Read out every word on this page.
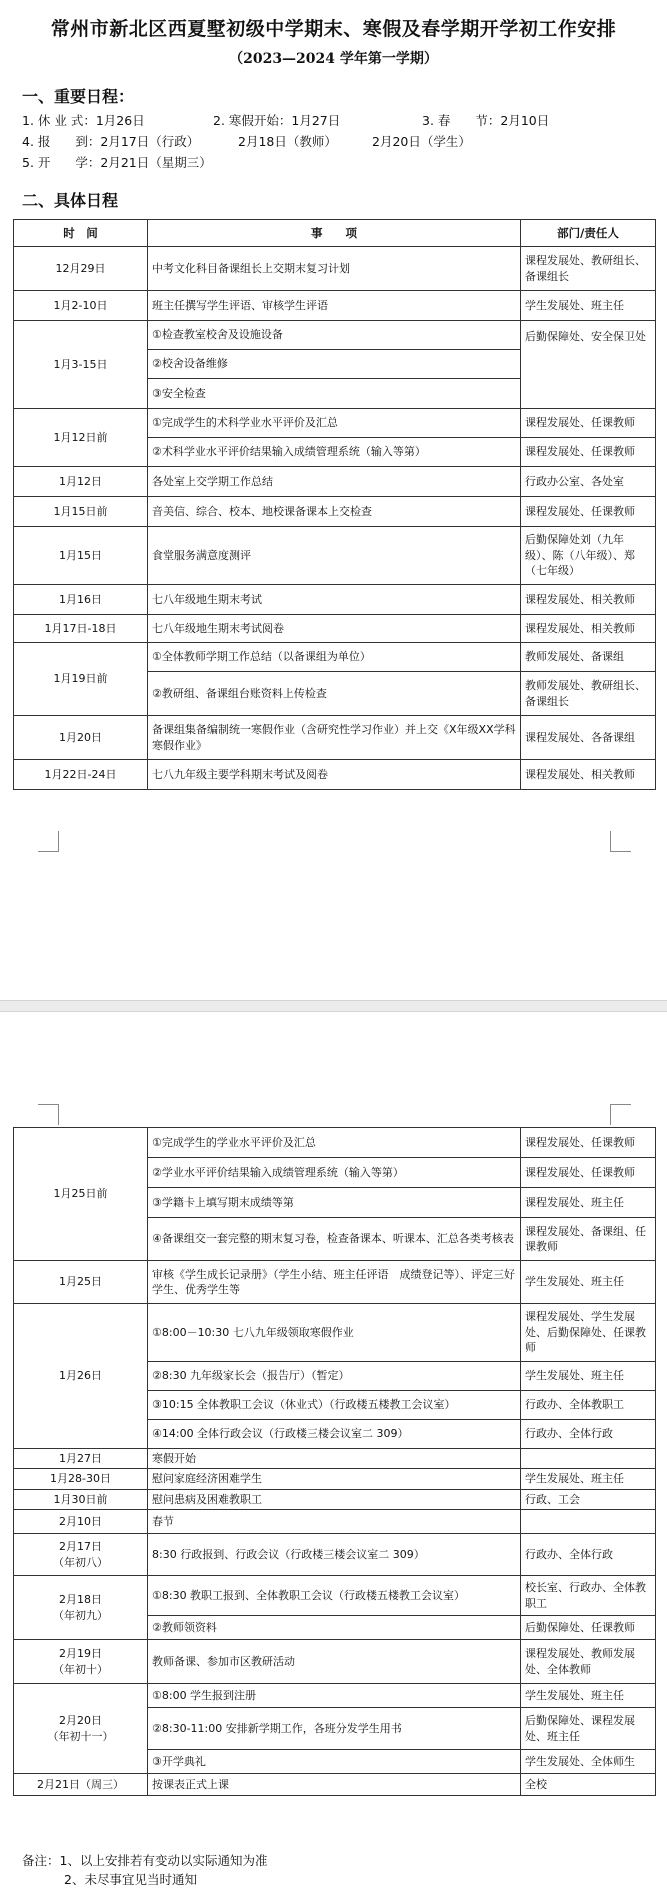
常州市新北区西夏墅初级中学期末、寒假及春学期开学初工作安排
（2023—2024 学年第一学期）
一、重要日程：
1. 休 业 式：1月26日	2. 寒假开始：1月27日	3. 春　　节：2月10日
4. 报　　到：2月17日（行政）	2月18日（教师）	2月20日（学生）
5. 开　　学：2月21日（星期三）
二、具体日程
时　间	事　　项	部门/责任人
12月29日	中考文化科目备课组长上交期末复习计划	课程发展处、教研组长、备课组长
1月2-10日	班主任撰写学生评语、审核学生评语	学生发展处、班主任
1月3-15日	①检查教室校舍及设施设备	后勤保障处、安全保卫处
	②校舍设备维修	
	③安全检查	
1月12日前	①完成学生的术科学业水平评价及汇总	课程发展处、任课教师
	②术科学业水平评价结果输入成绩管理系统（输入等第）	课程发展处、任课教师
1月12日	各处室上交学期工作总结	行政办公室、各处室
1月15日前	音美信、综合、校本、地校课备课本上交检查	课程发展处、任课教师
1月15日	食堂服务满意度测评	后勤保障处刘（九年级）、陈（八年级）、郑（七年级）
1月16日	七八年级地生期末考试	课程发展处、相关教师
1月17日-18日	七八年级地生期末考试阅卷	课程发展处、相关教师
1月19日前	①全体教师学期工作总结（以备课组为单位）	教师发展处、备课组
	②教研组、备课组台账资料上传检查	教师发展处、教研组长、备课组长
1月20日	备课组集备编制统一寒假作业（含研究性学习作业）并上交《X年级XX学科寒假作业》	课程发展处、各备课组
1月22日-24日	七八九年级主要学科期末考试及阅卷	课程发展处、相关教师
1月25日前	①完成学生的学业水平评价及汇总	课程发展处、任课教师
	②学业水平评价结果输入成绩管理系统（输入等第）	课程发展处、任课教师
	③学籍卡上填写期末成绩等第	课程发展处、班主任
	④备课组交一套完整的期末复习卷，检查备课本、听课本、汇总各类考核表	课程发展处、备课组、任课教师
1月25日	审核《学生成长记录册》（学生小结、班主任评语　成绩登记等）、评定三好学生、优秀学生等	学生发展处、班主任
1月26日	①8:00－10:30 七八九年级领取寒假作业	课程发展处、学生发展处、后勤保障处、任课教师
	②8:30 九年级家长会（报告厅）（暂定）	学生发展处、班主任
	③10:15 全体教职工会议（休业式）（行政楼五楼教工会议室）	行政办、全体教职工
	④14:00 全体行政会议（行政楼三楼会议室二 309）	行政办、全体行政
1月27日	寒假开始	
1月28-30日	慰问家庭经济困难学生	学生发展处、班主任
1月30日前	慰问患病及困难教职工	行政、工会
2月10日	春节	
2月17日
（年初八）	8:30 行政报到、行政会议（行政楼三楼会议室二 309）	行政办、全体行政
2月18日
（年初九）	①8:30 教职工报到、全体教职工会议（行政楼五楼教工会议室）	校长室、行政办、全体教职工
	②教师领资料	后勤保障处、任课教师
2月19日
（年初十）	教师备课、参加市区教研活动	课程发展处、教师发展处、全体教师
2月20日
（年初十一）	①8:00 学生报到注册	学生发展处、班主任
	②8:30-11:00 安排新学期工作，各班分发学生用书	后勤保障处、课程发展处、班主任
	③开学典礼	学生发展处、全体师生
2月21日（周三）	按课表正式上课	全校
备注：1、以上安排若有变动以实际通知为准
2、未尽事宜见当时通知
